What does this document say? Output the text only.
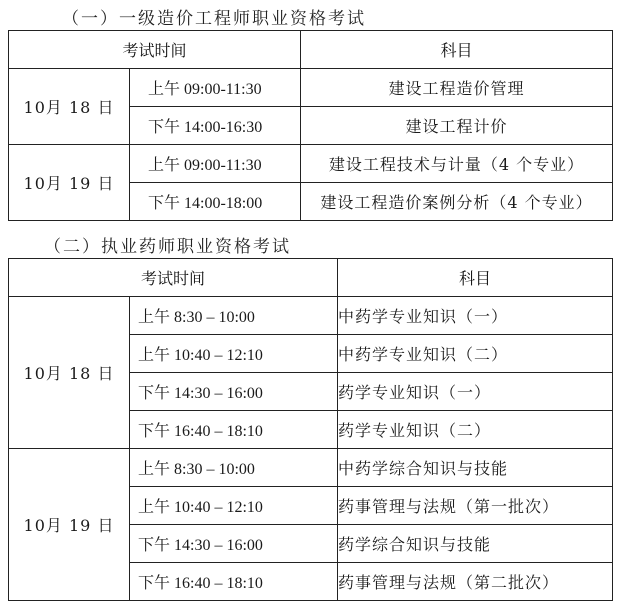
（一）一级造价工程师职业资格考试
考试时间		科目
10月 18 日	上午 09:00-11:30	建设工程造价管理
	下午 14:00-16:30	建设工程计价
10月 19 日	上午 09:00-11:30	建设工程技术与计量（4 个专业）
	下午 14:00-18:00	建设工程造价案例分析（4 个专业）
（二）执业药师职业资格考试
考试时间		科目
10月 18 日	上午 8:30 – 10:00	中药学专业知识（一）
	上午 10:40 – 12:10	中药学专业知识（二）
	下午 14:30 – 16:00	药学专业知识（一）
	下午 16:40 – 18:10	药学专业知识（二）
10月 19 日	上午 8:30 – 10:00	中药学综合知识与技能
	上午 10:40 – 12:10	药事管理与法规（第一批次）
	下午 14:30 – 16:00	药学综合知识与技能
	下午 16:40 – 18:10	药事管理与法规（第二批次）
